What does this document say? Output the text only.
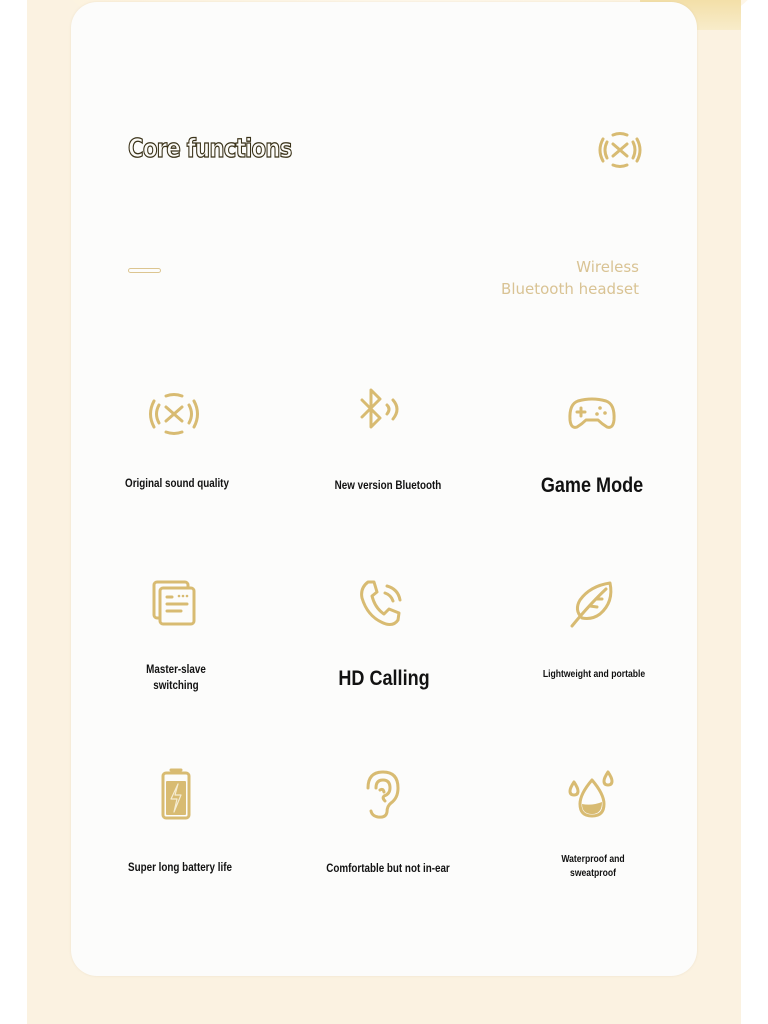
Core functions
Wireless
Bluetooth headset
Original sound quality	New version Bluetooth	Game Mode
Master-slave
switching	HD Calling	Lightweight and portable
Super long battery life	Comfortable but not in-ear
Waterproof and
sweatproof
